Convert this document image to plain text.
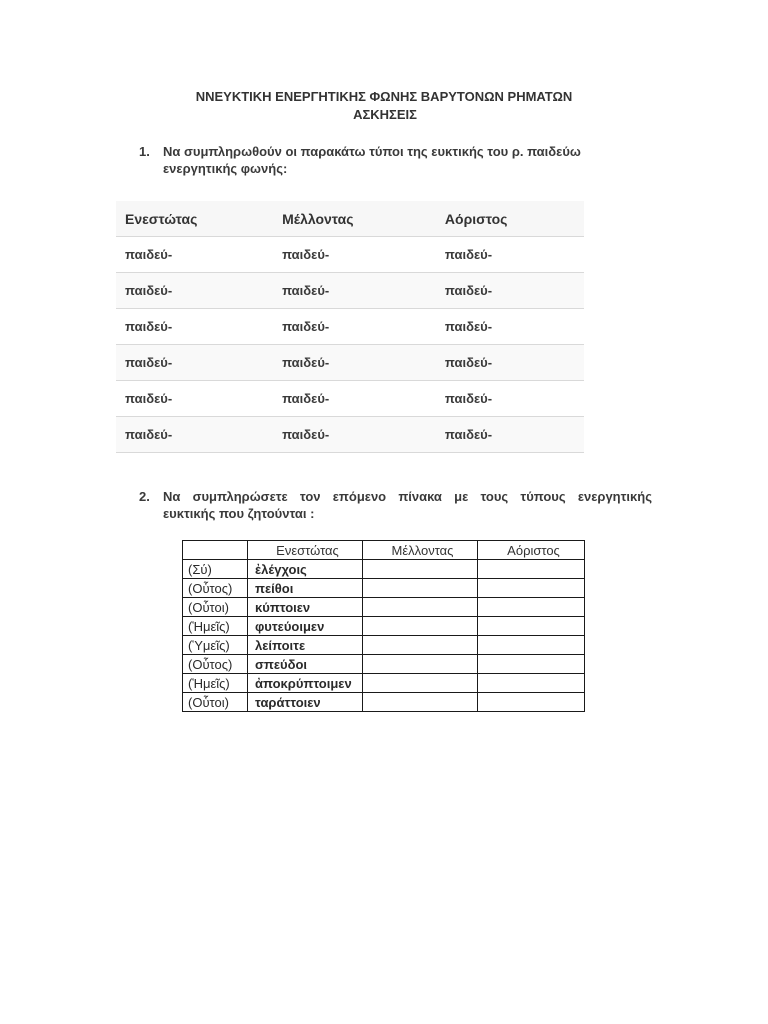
ΝΝΕΥΚΤΙΚΗ ΕΝΕΡΓΗΤΙΚΗΣ ΦΩΝΗΣ ΒΑΡΥΤΟΝΩΝ ΡΗΜΑΤΩΝ
ΑΣΚΗΣΕΙΣ
1. Να συμπληρωθούν οι παρακάτω τύποι της ευκτικής του ρ. παιδεύω
ενεργητικής φωνής:
Ενεστώτας	Μέλλοντας	Αόριστος
παιδεύ-	παιδεύ-	παιδεύ-
παιδεύ-	παιδεύ-	παιδεύ-
παιδεύ-	παιδεύ-	παιδεύ-
παιδεύ-	παιδεύ-	παιδεύ-
παιδεύ-	παιδεύ-	παιδεύ-
παιδεύ-	παιδεύ-	παιδεύ-
2. Να συμπληρώσετε τον επόμενο πίνακα με τους τύπους ενεργητικής
ευκτικής που ζητούνται :
	Ενεστώτας	Μέλλοντας	Αόριστος
(Σύ)	ἐλέγχοις		
(Οὗτος)	πείθοι		
(Οὗτοι)	κύπτοιεν		
(Ἡμεῖς)	φυτεύοιμεν		
(Ὑμεῖς)	λείποιτε		
(Οὗτος)	σπεύδοι		
(Ἡμεῖς)	ἀποκρύπτοιμεν		
(Οὗτοι)	ταράττοιεν		
